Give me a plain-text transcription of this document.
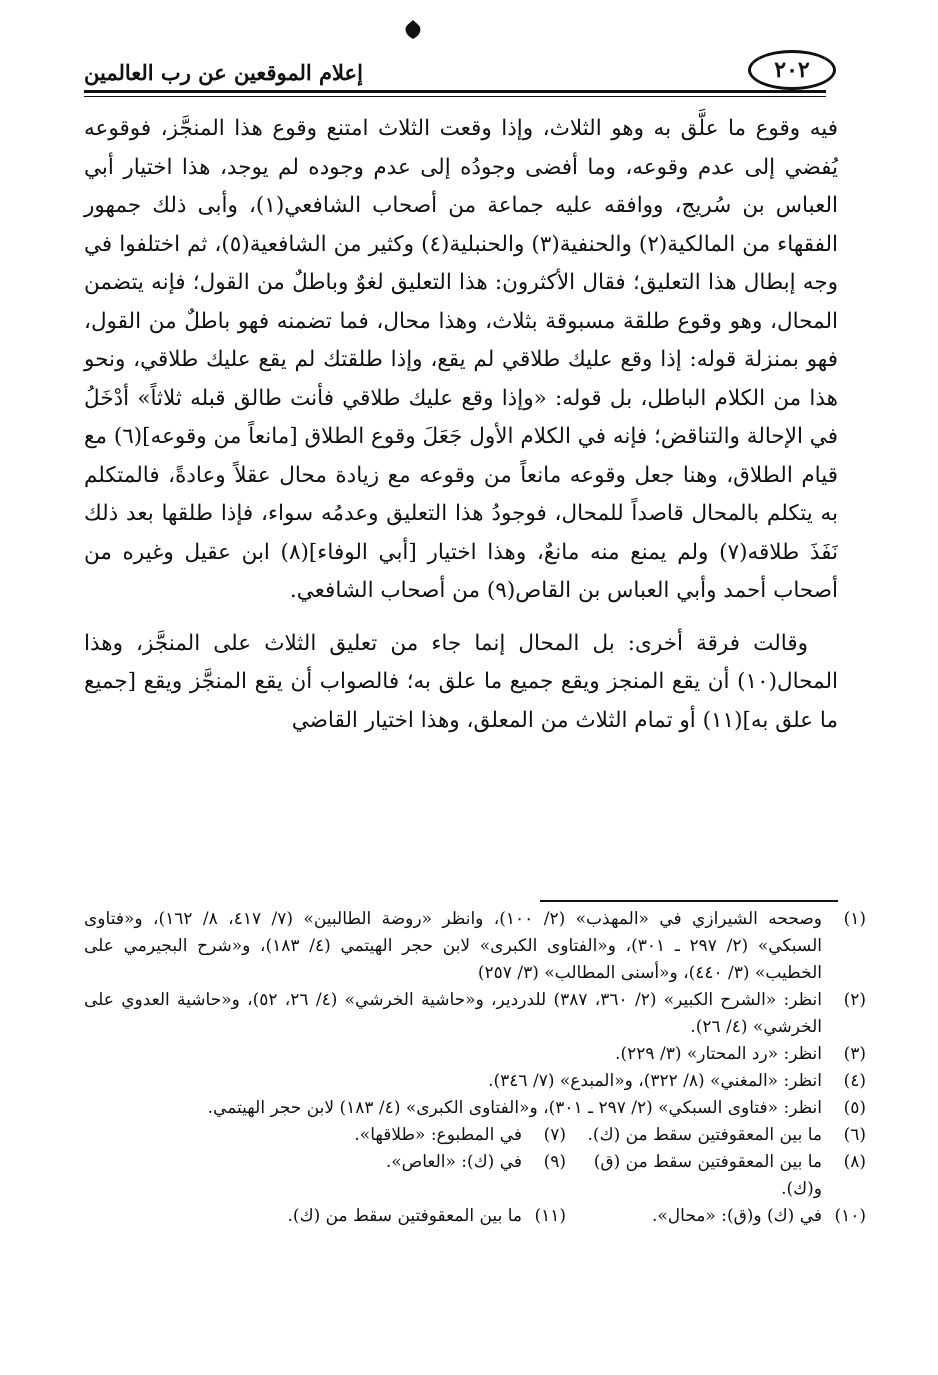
إعلام الموقعين عن رب العالمين	٢٠٢

فيه وقوع ما علَّق به وهو الثلاث، وإذا وقعت الثلاث امتنع وقوع هذا المنجَّز، فوقوعه يُفضي إلى عدم وقوعه، وما أفضى وجودُه إلى عدم وجوده لم يوجد، هذا اختيار أبي العباس بن سُريج، ووافقه عليه جماعة من أصحاب الشافعي(١)، وأبى ذلك جمهور الفقهاء من المالكية(٢) والحنفية(٣) والحنبلية(٤) وكثير من الشافعية(٥)، ثم اختلفوا في وجه إبطال هذا التعليق؛ فقال الأكثرون: هذا التعليق لغوٌ وباطلٌ من القول؛ فإنه يتضمن المحال، وهو وقوع طلقة مسبوقة بثلاث، وهذا محال، فما تضمنه فهو باطلٌ من القول، فهو بمنزلة قوله: إذا وقع عليك طلاقي لم يقع، وإذا طلقتك لم يقع عليك طلاقي، ونحو هذا من الكلام الباطل، بل قوله: «وإذا وقع عليك طلاقي فأنت طالق قبله ثلاثاً» أدْخَلُ في الإحالة والتناقض؛ فإنه في الكلام الأول جَعَلَ وقوع الطلاق [مانعاً من وقوعه](٦) مع قيام الطلاق، وهنا جعل وقوعه مانعاً من وقوعه مع زيادة محال عقلاً وعادةً، فالمتكلم به يتكلم بالمحال قاصداً للمحال، فوجودُ هذا التعليق وعدمُه سواء، فإذا طلقها بعد ذلك نَفَذَ طلاقه(٧) ولم يمنع منه مانعٌ، وهذا اختيار [أبي الوفاء](٨) ابن عقيل وغيره من أصحاب أحمد وأبي العباس بن القاص(٩) من أصحاب الشافعي.

وقالت فرقة أخرى: بل المحال إنما جاء من تعليق الثلاث على المنجَّز، وهذا المحال(١٠) أن يقع المنجز ويقع جميع ما علق به؛ فالصواب أن يقع المنجَّز ويقع [جميع ما علق به](١١) أو تمام الثلاث من المعلق، وهذا اختيار القاضي

(١)
وصححه الشيرازي في «المهذب» (٢/ ١٠٠)، وانظر «روضة الطالبين» (٧/ ٤١٧، ٨/ ١٦٢)، و«فتاوى السبكي» (٢/ ٢٩٧ ـ ٣٠١)، و«الفتاوى الكبرى» لابن حجر الهيتمي (٤/ ١٨٣)، و«شرح البجيرمي على الخطيب» (٣/ ٤٤٠)، و«أسنى المطالب» (٣/ ٢٥٧)
(٢)
انظر: «الشرح الكبير» (٢/ ٣٦٠، ٣٨٧) للدردير، و«حاشية الخرشي» (٤/ ٢٦، ٥٢)، و«حاشية العدوي على الخرشي» (٤/ ٢٦).
(٣)
انظر: «رد المحتار» (٣/ ٢٢٩).
(٤)
انظر: «المغني» (٨/ ٣٢٢)، و«المبدع» (٧/ ٣٤٦).
(٥)
انظر: «فتاوى السبكي» (٢/ ٢٩٧ ـ ٣٠١)، و«الفتاوى الكبرى» (٤/ ١٨٣) لابن حجر الهيتمي.
(٦)
ما بين المعقوفتين سقط من (ك).
(٧)
في المطبوع: «طلاقها».
(٨)
ما بين المعقوفتين سقط من (ق) و(ك).
(٩)
في (ك): «العاص».
(١٠)
في (ك) و(ق): «محال».
(١١)
ما بين المعقوفتين سقط من (ك).
